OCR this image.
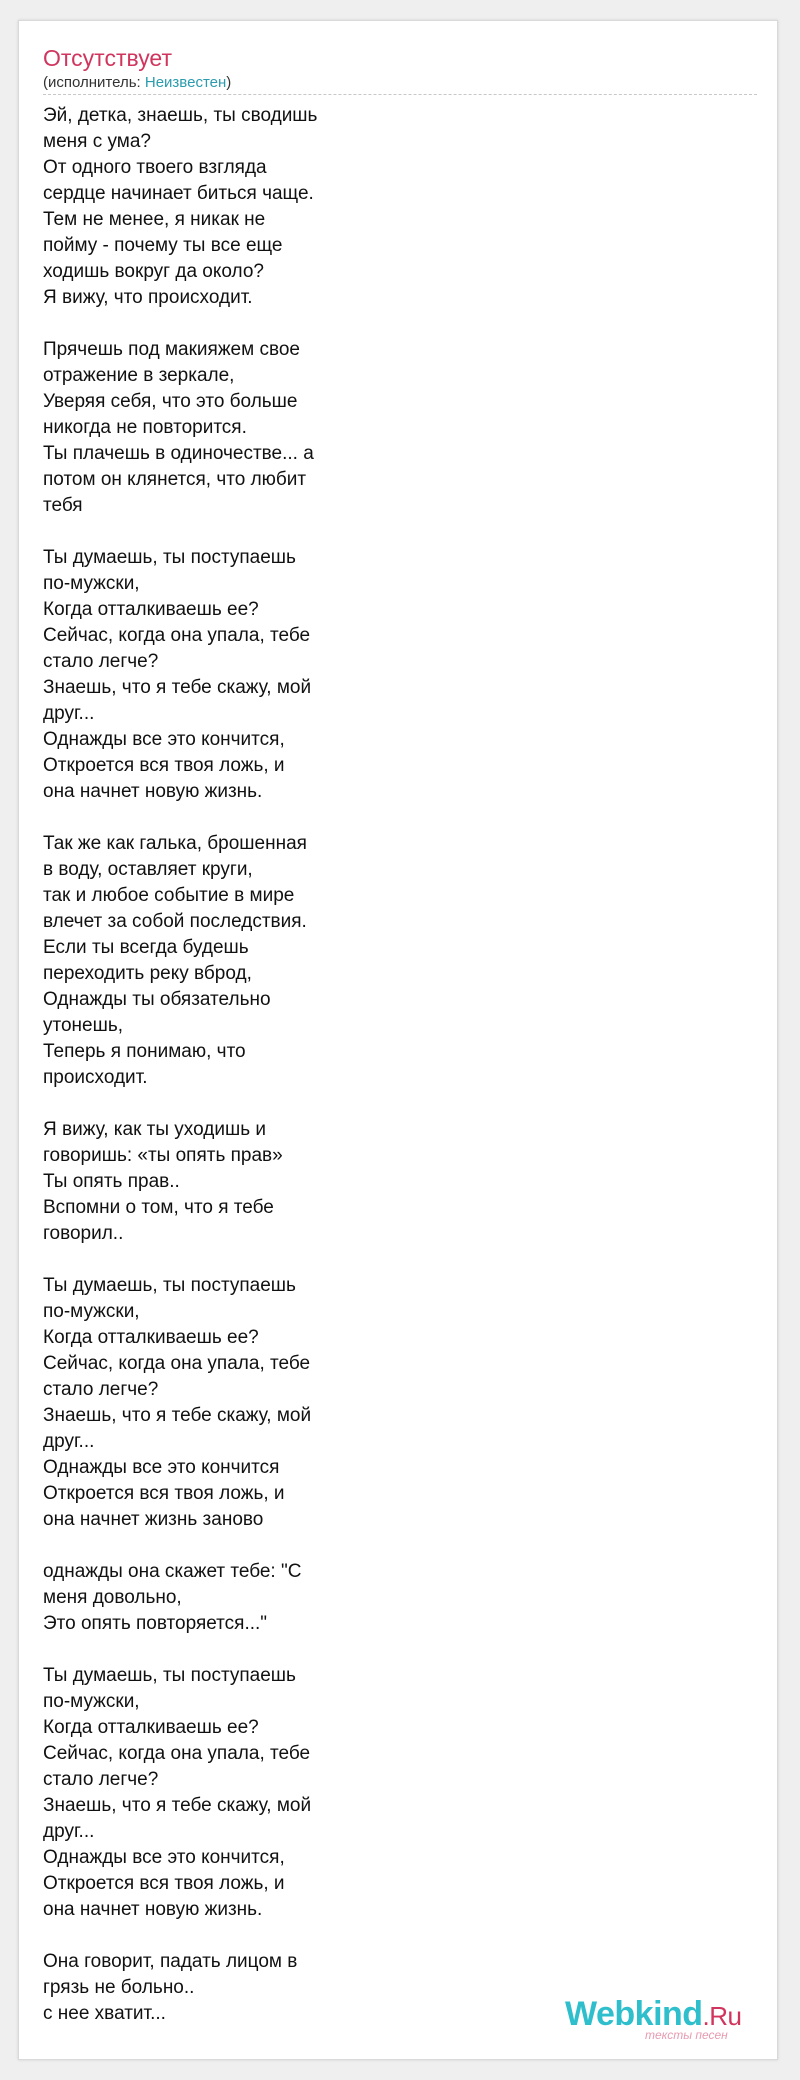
Отсутствует
(исполнитель: Неизвестен)

Эй, детка, знаешь, ты сводишь
меня с ума?
От одного твоего взгляда
сердце начинает биться чаще.
Тем не менее, я никак не
пойму - почему ты все еще
ходишь вокруг да около?
Я вижу, что происходит.

Прячешь под макияжем свое
отражение в зеркале,
Уверяя себя, что это больше
никогда не повторится.
Ты плачешь в одиночестве... а
потом он клянется, что любит
тебя

Ты думаешь, ты поступаешь
по-мужски,
Когда отталкиваешь ее?
Сейчас, когда она упала, тебе
стало легче?
Знаешь, что я тебе скажу, мой
друг...
Однажды все это кончится,
Откроется вся твоя ложь, и
она начнет новую жизнь.

Так же как галька, брошенная
в воду, оставляет круги,
так и любое событие в мире
влечет за собой последствия.
Если ты всегда будешь
переходить реку вброд,
Однажды ты обязательно
утонешь,
Теперь я понимаю, что
происходит.

Я вижу, как ты уходишь и
говоришь: «ты опять прав»
Ты опять прав..
Вспомни о том, что я тебе
говорил..

Ты думаешь, ты поступаешь
по-мужски,
Когда отталкиваешь ее?
Сейчас, когда она упала, тебе
стало легче?
Знаешь, что я тебе скажу, мой
друг...
Однажды все это кончится
Откроется вся твоя ложь, и
она начнет жизнь заново

однажды она скажет тебе: "С
меня довольно,
Это опять повторяется..."

Ты думаешь, ты поступаешь
по-мужски,
Когда отталкиваешь ее?
Сейчас, когда она упала, тебе
стало легче?
Знаешь, что я тебе скажу, мой
друг...
Однажды все это кончится,
Откроется вся твоя ложь, и
она начнет новую жизнь.

Она говорит, падать лицом в
грязь не больно..
с нее хватит...	Webkind.Ru
тексты песен
